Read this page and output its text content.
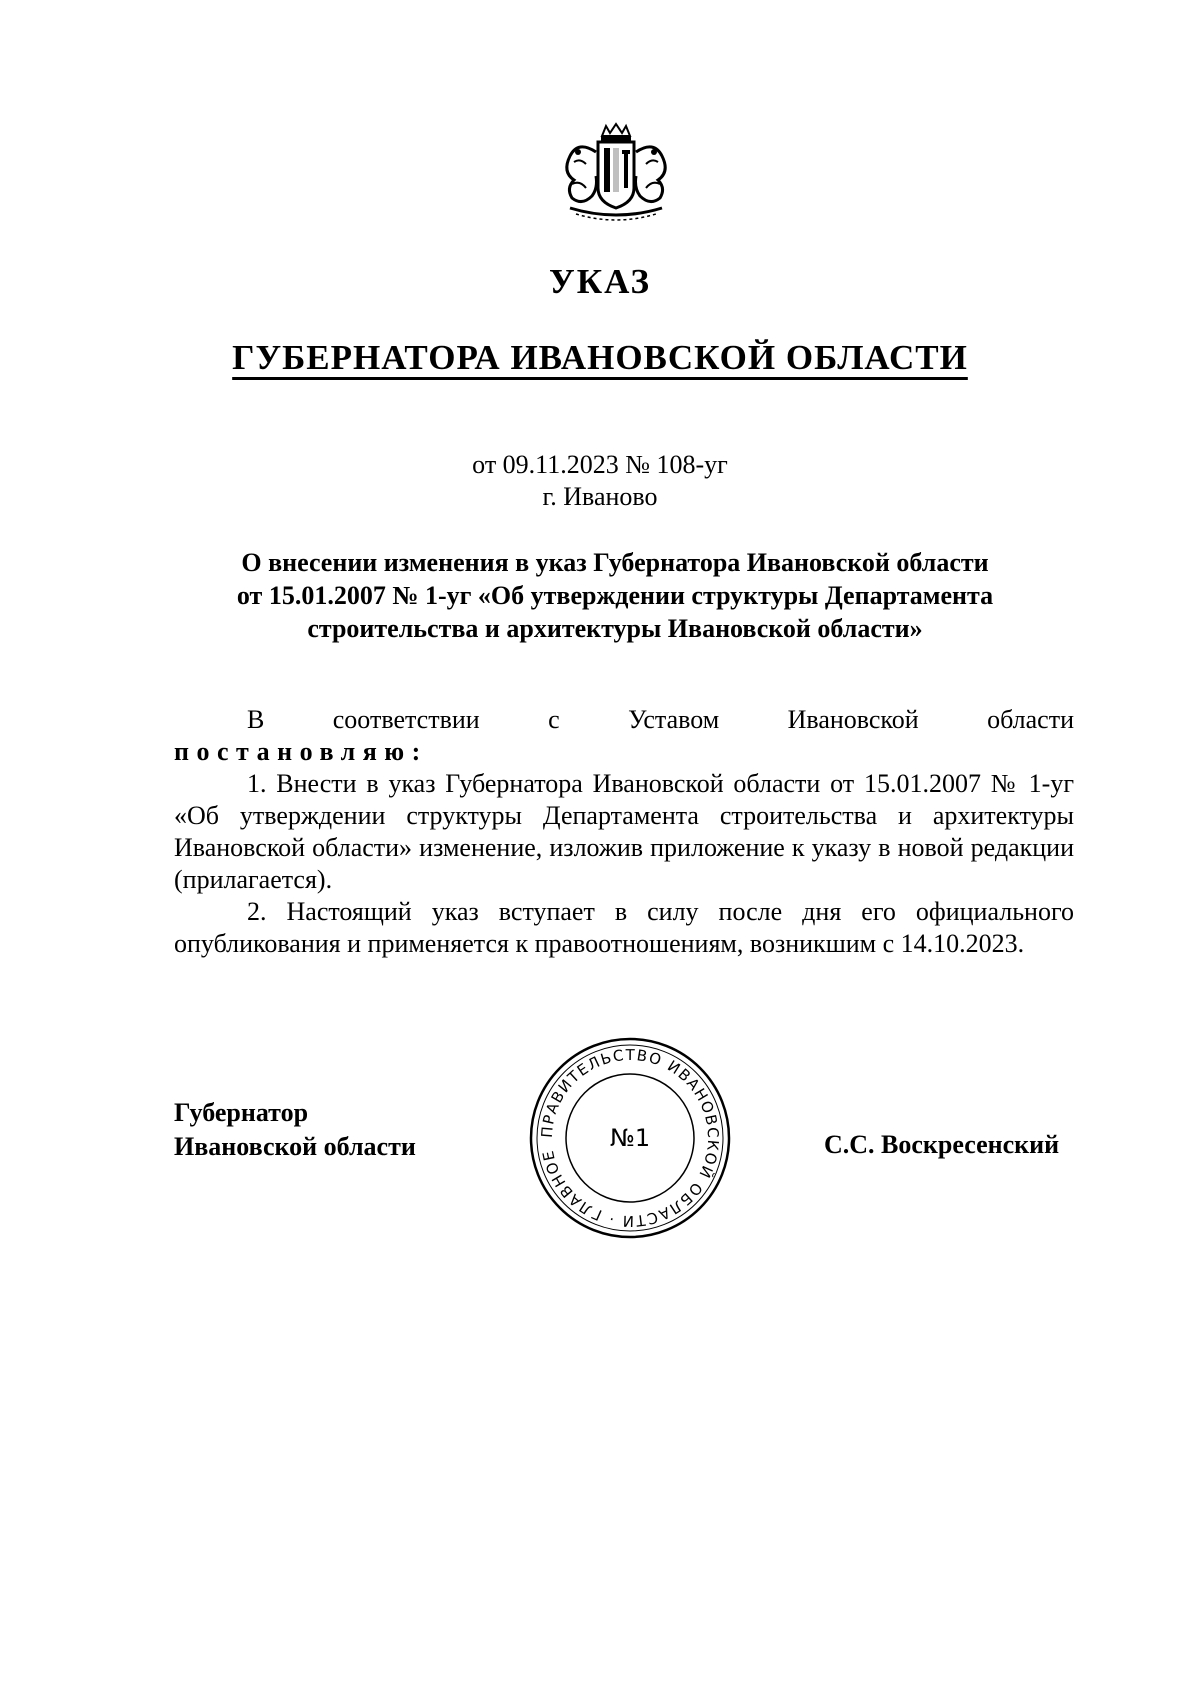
УКАЗ
ГУБЕРНАТОРА ИВАНОВСКОЙ ОБЛАСТИ
от 09.11.2023 № 108-уг
г. Иваново
О внесении изменения в указ Губернатора Ивановской области
от 15.01.2007 № 1-уг «Об утверждении структуры Департамента
строительства и архитектуры Ивановской области»
В соответствии с Уставом Ивановской области
постановляю:
1. Внести в указ Губернатора Ивановской области от 15.01.2007 № 1-уг «Об утверждении структуры Департамента строительства и архитектуры Ивановской области» изменение, изложив приложение к указу в новой редакции (прилагается).
2. Настоящий указ вступает в силу после дня его официального опубликования и применяется к правоотношениям, возникшим с 14.10.2023.
Губернатор
Ивановской области	С.С. Воскресенский
ПРАВИТЕЛЬСТВО ИВАНОВСКОЙ ОБЛАСТИ · ГЛАВНОЕ
№1
